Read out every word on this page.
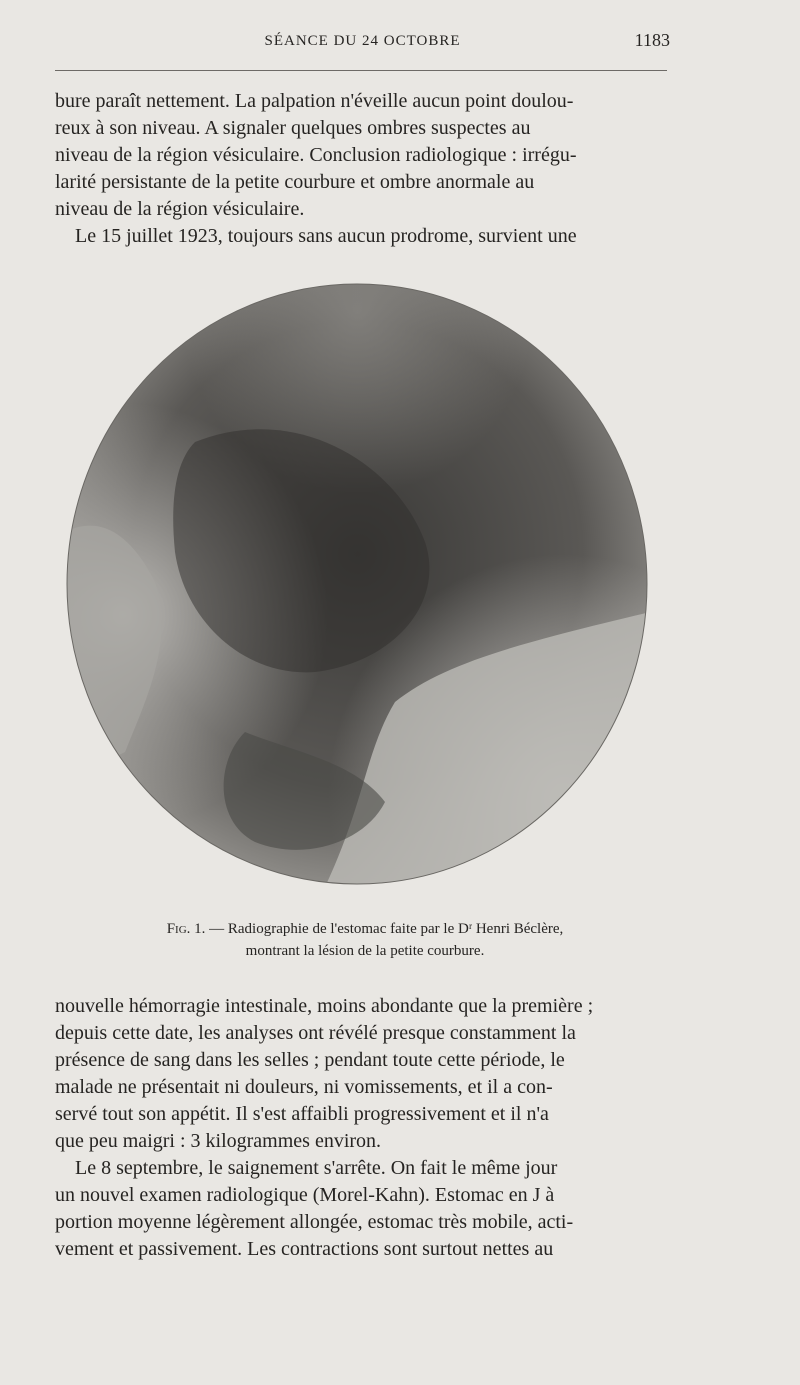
SÉANCE DU 24 OCTOBRE	1183
bure paraît nettement. La palpation n'éveille aucun point doulou-
reux à son niveau. A signaler quelques ombres suspectes au
niveau de la région vésiculaire. Conclusion radiologique : irrégu-
larité persistante de la petite courbure et ombre anormale au
niveau de la région vésiculaire.
Le 15 juillet 1923, toujours sans aucun prodrome, survient une
Fig. 1. — Radiographie de l'estomac faite par le Dʳ Henri Béclère,
montrant la lésion de la petite courbure.
nouvelle hémorragie intestinale, moins abondante que la première ;
depuis cette date, les analyses ont révélé presque constamment la
présence de sang dans les selles ; pendant toute cette période, le
malade ne présentait ni douleurs, ni vomissements, et il a con-
servé tout son appétit. Il s'est affaibli progressivement et il n'a
que peu maigri : 3 kilogrammes environ.
Le 8 septembre, le saignement s'arrête. On fait le même jour
un nouvel examen radiologique (Morel-Kahn). Estomac en J à
portion moyenne légèrement allongée, estomac très mobile, acti-
vement et passivement. Les contractions sont surtout nettes au
